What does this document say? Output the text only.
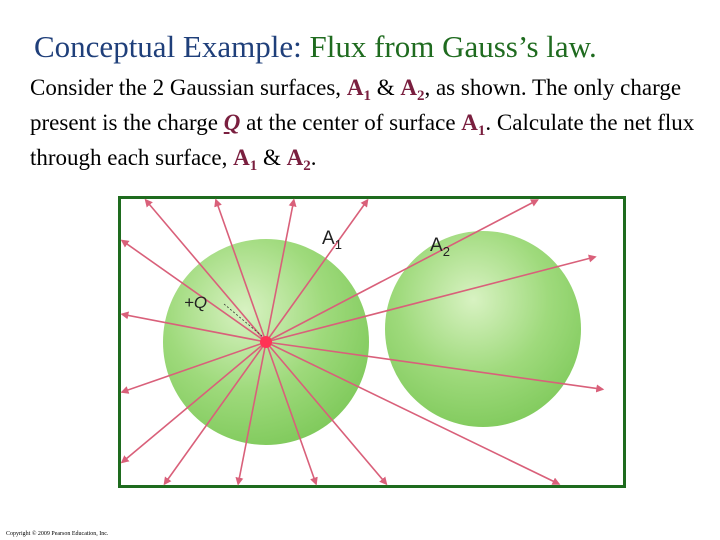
Conceptual Example: Flux from Gauss’s law.
Consider the 2 Gaussian surfaces, $A_1$ & $A_2$, as shown. The only charge present is the charge Q at the center of surface $A_1$. Calculate the net flux through each surface, $A_1$ & $A_2$.
$A_1$	$A_2$
+Q
Copyright © 2009 Pearson Education, Inc.
